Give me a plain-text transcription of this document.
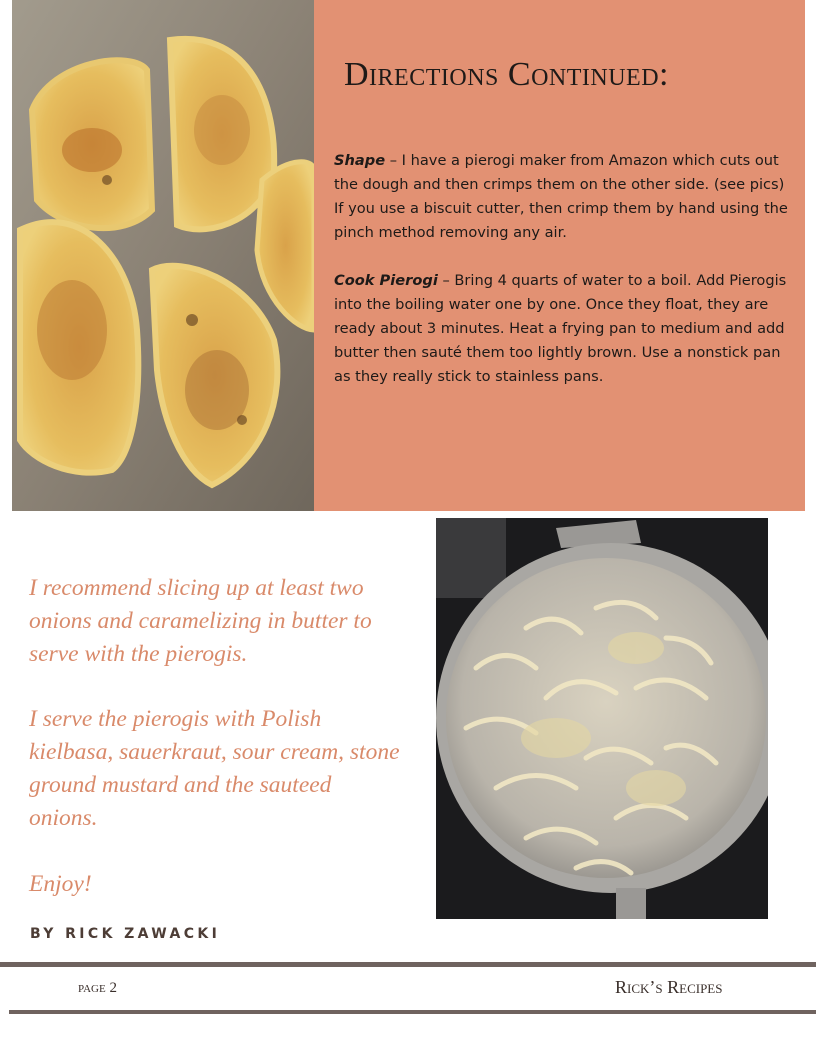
Directions Continued:

Shape – I have a pierogi maker from Amazon which cuts out the dough and then crimps them on the other side. (see pics) If you use a biscuit cutter, then crimp them by hand using the pinch method removing any air.

Cook Pierogi – Bring 4 quarts of water to a boil. Add Pierogis into the boiling water one by one. Once they float, they are ready about 3 minutes. Heat a frying pan to medium and add butter then sauté them too lightly brown. Use a nonstick pan as they really stick to stainless pans.

I recommend slicing up at least two onions and caramelizing in butter to serve with the pierogis.

I serve the pierogis with Polish kielbasa, sauerkraut, sour cream, stone ground mustard and the sauteed onions.

Enjoy!

BY RICK ZAWACKI

page 2	Rick’s Recipes
